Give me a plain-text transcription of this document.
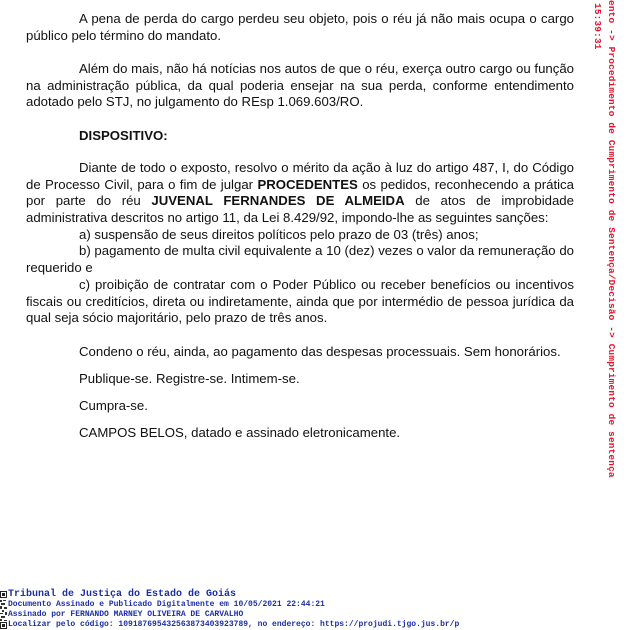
A pena de perda do cargo perdeu seu objeto, pois o réu já não mais ocupa o cargo público pelo término do mandato.

Além do mais, não há notícias nos autos de que o réu, exerça outro cargo ou função na administração pública, da qual poderia ensejar na sua perda, conforme entendimento adotado pelo STJ, no julgamento do REsp 1.069.603/RO.

DISPOSITIVO:

Diante de todo o exposto, resolvo o mérito da ação à luz do artigo 487, I, do Código de Processo Civil, para o fim de julgar PROCEDENTES os pedidos, reconhecendo a prática por parte do réu JUVENAL FERNANDES DE ALMEIDA de atos de improbidade administrativa descritos no artigo 11, da Lei 8.429/92, impondo-lhe as seguintes sanções:

a) suspensão de seus direitos políticos pelo prazo de 03 (três) anos;

b) pagamento de multa civil equivalente a 10 (dez) vezes o valor da remuneração do requerido e

c) proibição de contratar com o Poder Público ou receber benefícios ou incentivos fiscais ou creditícios, direta ou indiretamente, ainda que por intermédio de pessoa jurídica da qual seja sócio majoritário, pelo prazo de três anos.

Condeno o réu, ainda, ao pagamento das despesas processuais. Sem honorários.

Publique-se. Registre-se. Intimem-se.

Cumpra-se.

CAMPOS BELOS, datado e assinado eletronicamente.

15:39:31 ento -> Procedimento de Cumprimento de Sentença/Decisão -> Cumprimento de sentença
Tribunal de Justiça do Estado de Goiás
Documento Assinado e Publicado Digitalmente em 10/05/2021 22:44:21
Assinado por FERNANDO MARNEY OLIVEIRA DE CARVALHO
Localizar pelo código: 109187695432563873403923789, no endereço: https://projudi.tjgo.jus.br/p
